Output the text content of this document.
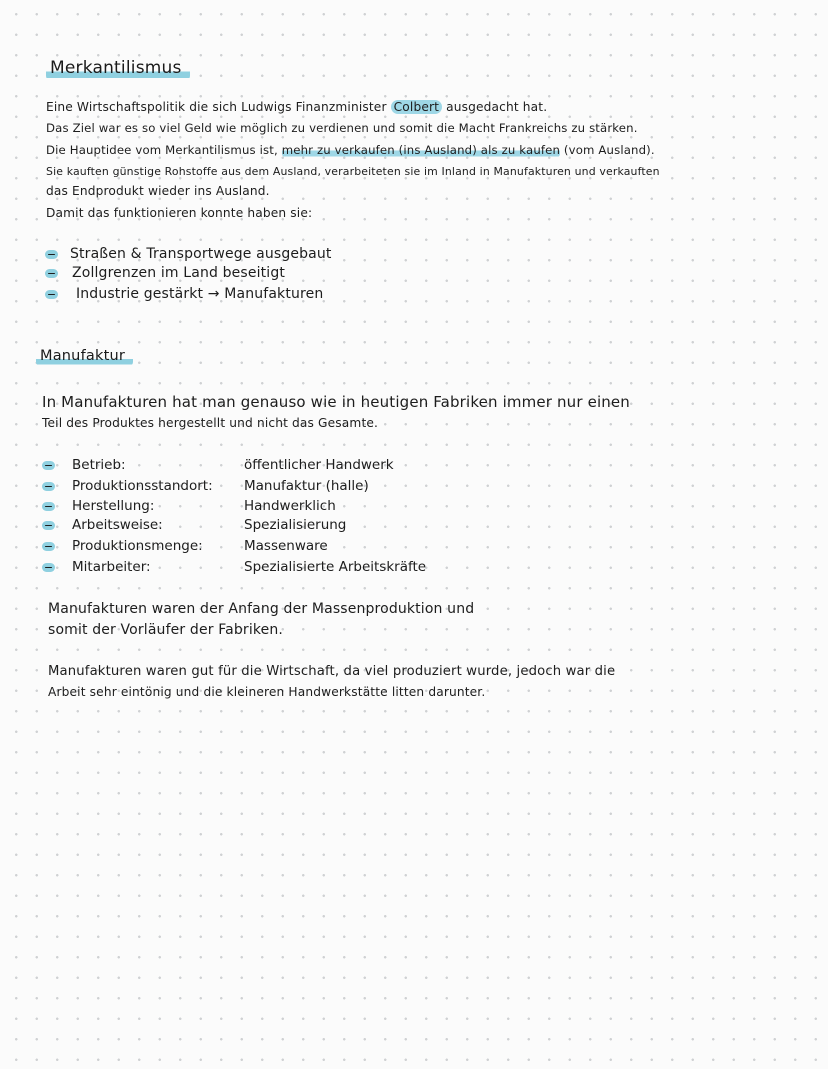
Merkantilismus
Eine Wirtschaftspolitik die sich Ludwigs Finanzminister Colbert ausgedacht hat.
Das Ziel war es so viel Geld wie möglich zu verdienen und somit die Macht Frankreichs zu stärken.
Die Hauptidee vom Merkantilismus ist, mehr zu verkaufen (ins Ausland) als zu kaufen (vom Ausland).
Sie kauften günstige Rohstoffe aus dem Ausland, verarbeiteten sie im Inland in Manufakturen und verkauften
das Endprodukt wieder ins Ausland.
Damit das funktionieren konnte haben sie:
Straßen & Transportwege ausgebaut
Zollgrenzen im Land beseitigt
Industrie gestärkt → Manufakturen
Manufaktur
In Manufakturen hat man genauso wie in heutigen Fabriken immer nur einen
Teil des Produktes hergestellt und nicht das Gesamte.
Betrieb:	öffentlicher Handwerk
Produktionsstandort: Manufaktur (halle)
Herstellung:	Handwerklich
Arbeitsweise:	Spezialisierung
Produktionsmenge:	Massenware
Mitarbeiter:	Spezialisierte Arbeitskräfte
Manufakturen waren der Anfang der Massenproduktion und
somit der Vorläufer der Fabriken.
Manufakturen waren gut für die Wirtschaft, da viel produziert wurde, jedoch war die
Arbeit sehr eintönig und die kleineren Handwerkstätte litten darunter.
